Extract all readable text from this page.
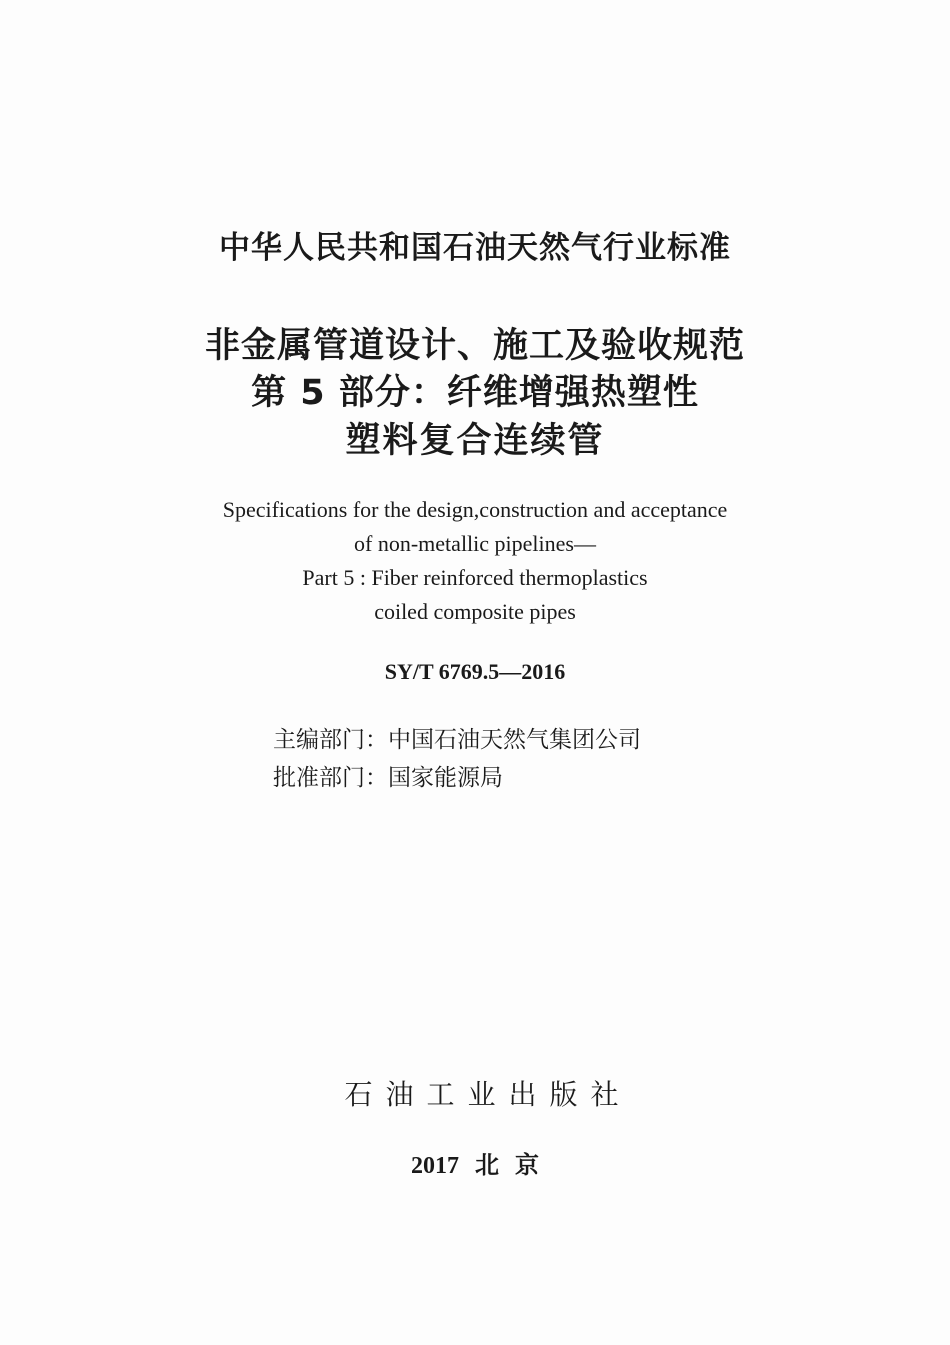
中华人民共和国石油天然气行业标准
非金属管道设计、施工及验收规范
第 5 部分：纤维增强热塑性
塑料复合连续管
Specifications for the design,construction and acceptance
of non-metallic pipelines—
Part 5 : Fiber reinforced thermoplastics
coiled composite pipes
SY/T 6769.5—2016
主编部门：中国石油天然气集团公司
批准部门：国家能源局
石油工业出版社
2017 北 京
